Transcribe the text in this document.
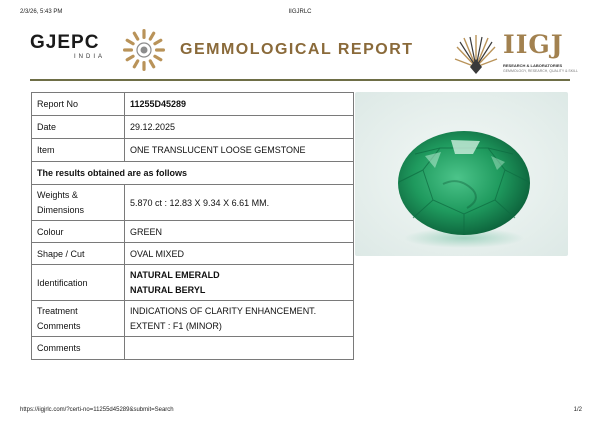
2/3/26, 5:43 PM	IIGJRLC
GJEPC
INDIA	GEMMOLOGICAL REPORT	IIGJ
RESEARCH & LABORATORIES
GEMMOLOGY, RESEARCH, QUALITY & SKILL
Report No	11255D45289
Date	29.12.2025
Item	ONE TRANSLUCENT LOOSE GEMSTONE
The results obtained are as follows	

Weights &
Dimensions	5.870 ct : 12.83 X 9.34 X 6.61 MM.
Colour	GREEN
Shape / Cut	OVAL MIXED
Identification	NATURAL EMERALD
NATURAL BERYL

Treatment
Comments	INDICATIONS OF CLARITY ENHANCEMENT.
EXTENT : F1 (MINOR)

Comments	
https://iigjrlc.com/?certi-no=11255d45289&submit=Search	1/2
